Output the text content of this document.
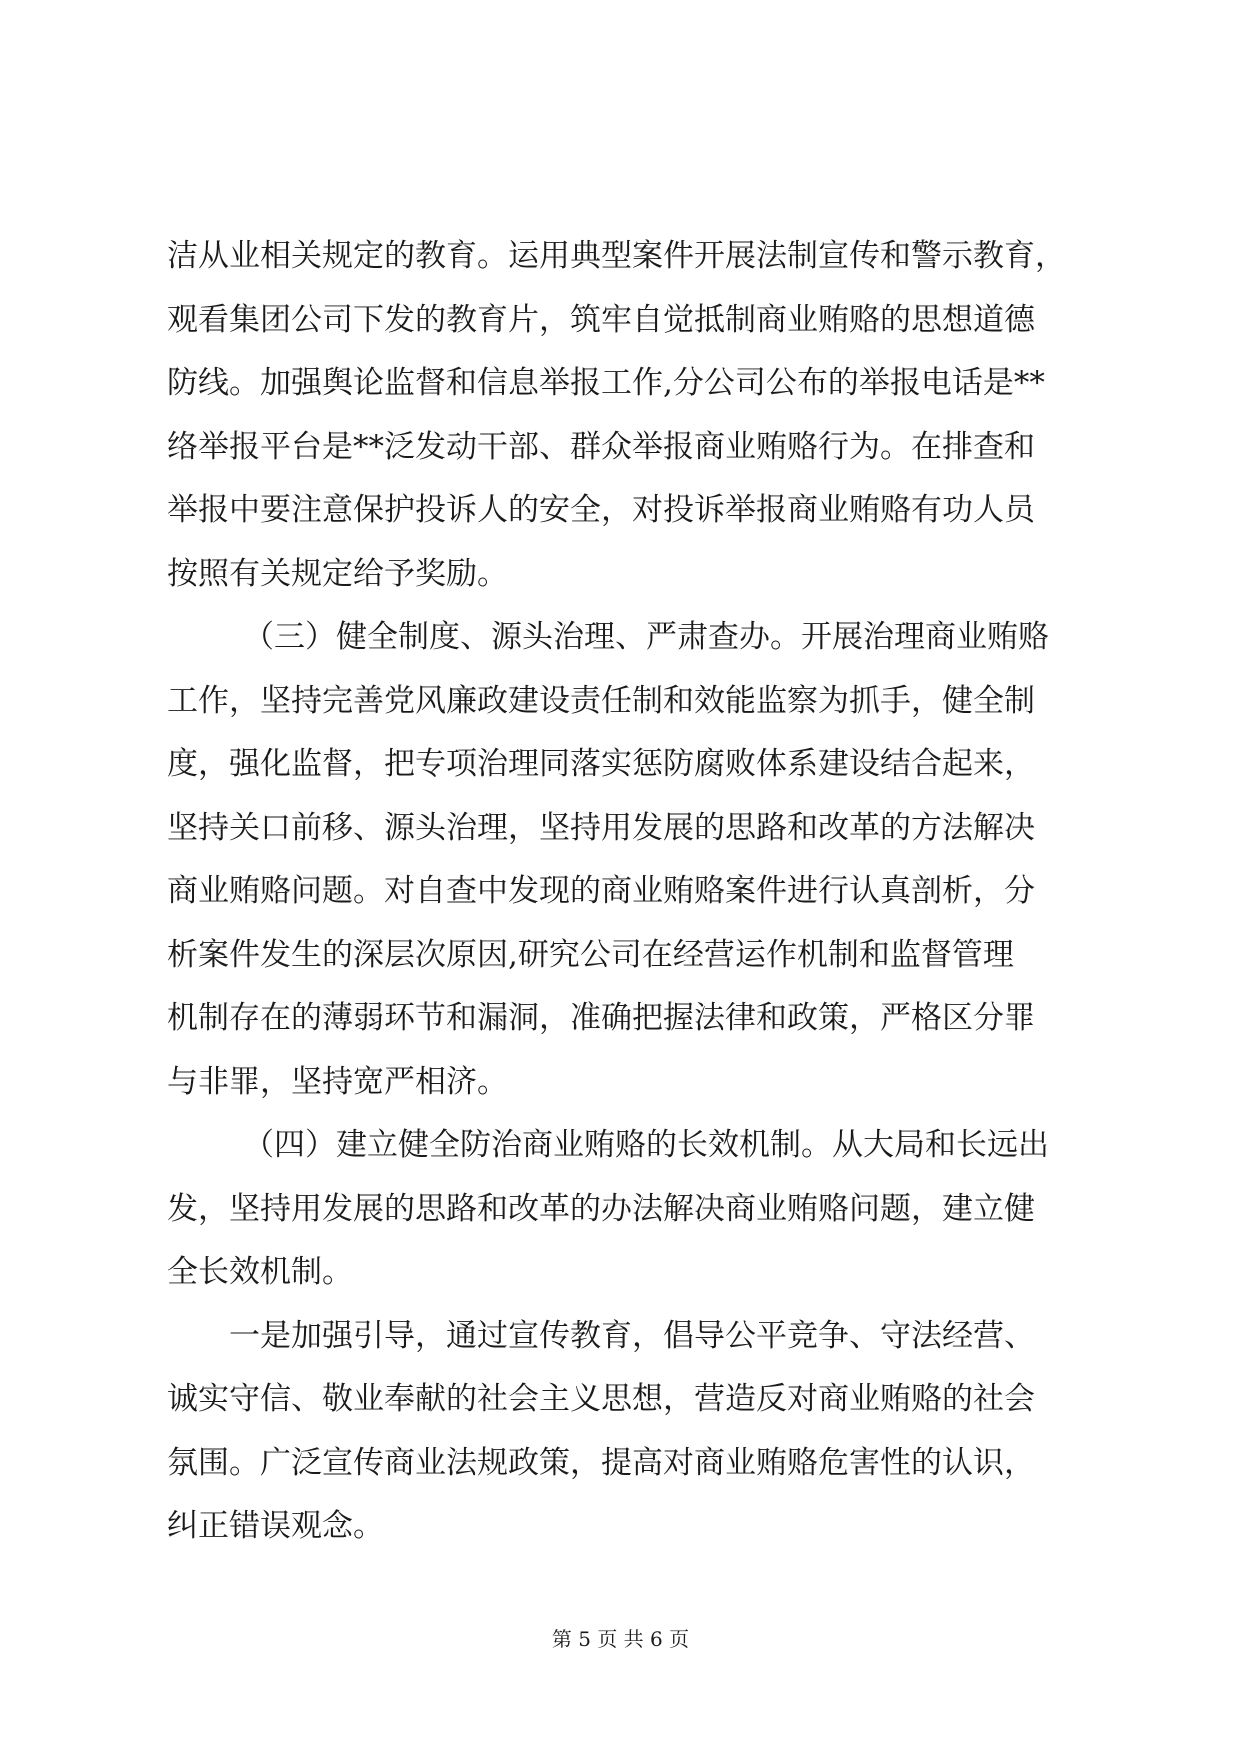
洁从业相关规定的教育。运用典型案件开展法制宣传和警示教育，
观看集团公司下发的教育片，筑牢自觉抵制商业贿赂的思想道德
防线。加强舆论监督和信息举报工作,分公司公布的举报电话是**
络举报平台是**泛发动干部、群众举报商业贿赂行为。在排查和
举报中要注意保护投诉人的安全，对投诉举报商业贿赂有功人员
按照有关规定给予奖励。
（三）健全制度、源头治理、严肃查办。开展治理商业贿赂
工作，坚持完善党风廉政建设责任制和效能监察为抓手，健全制
度，强化监督，把专项治理同落实惩防腐败体系建设结合起来，
坚持关口前移、源头治理，坚持用发展的思路和改革的方法解决
商业贿赂问题。对自查中发现的商业贿赂案件进行认真剖析，分
析案件发生的深层次原因,研究公司在经营运作机制和监督管理
机制存在的薄弱环节和漏洞，准确把握法律和政策，严格区分罪
与非罪，坚持宽严相济。
（四）建立健全防治商业贿赂的长效机制。从大局和长远出
发，坚持用发展的思路和改革的办法解决商业贿赂问题，建立健
全长效机制。
一是加强引导，通过宣传教育，倡导公平竞争、守法经营、
诚实守信、敬业奉献的社会主义思想，营造反对商业贿赂的社会
氛围。广泛宣传商业法规政策，提高对商业贿赂危害性的认识，
纠正错误观念。
第 5 页 共 6 页
